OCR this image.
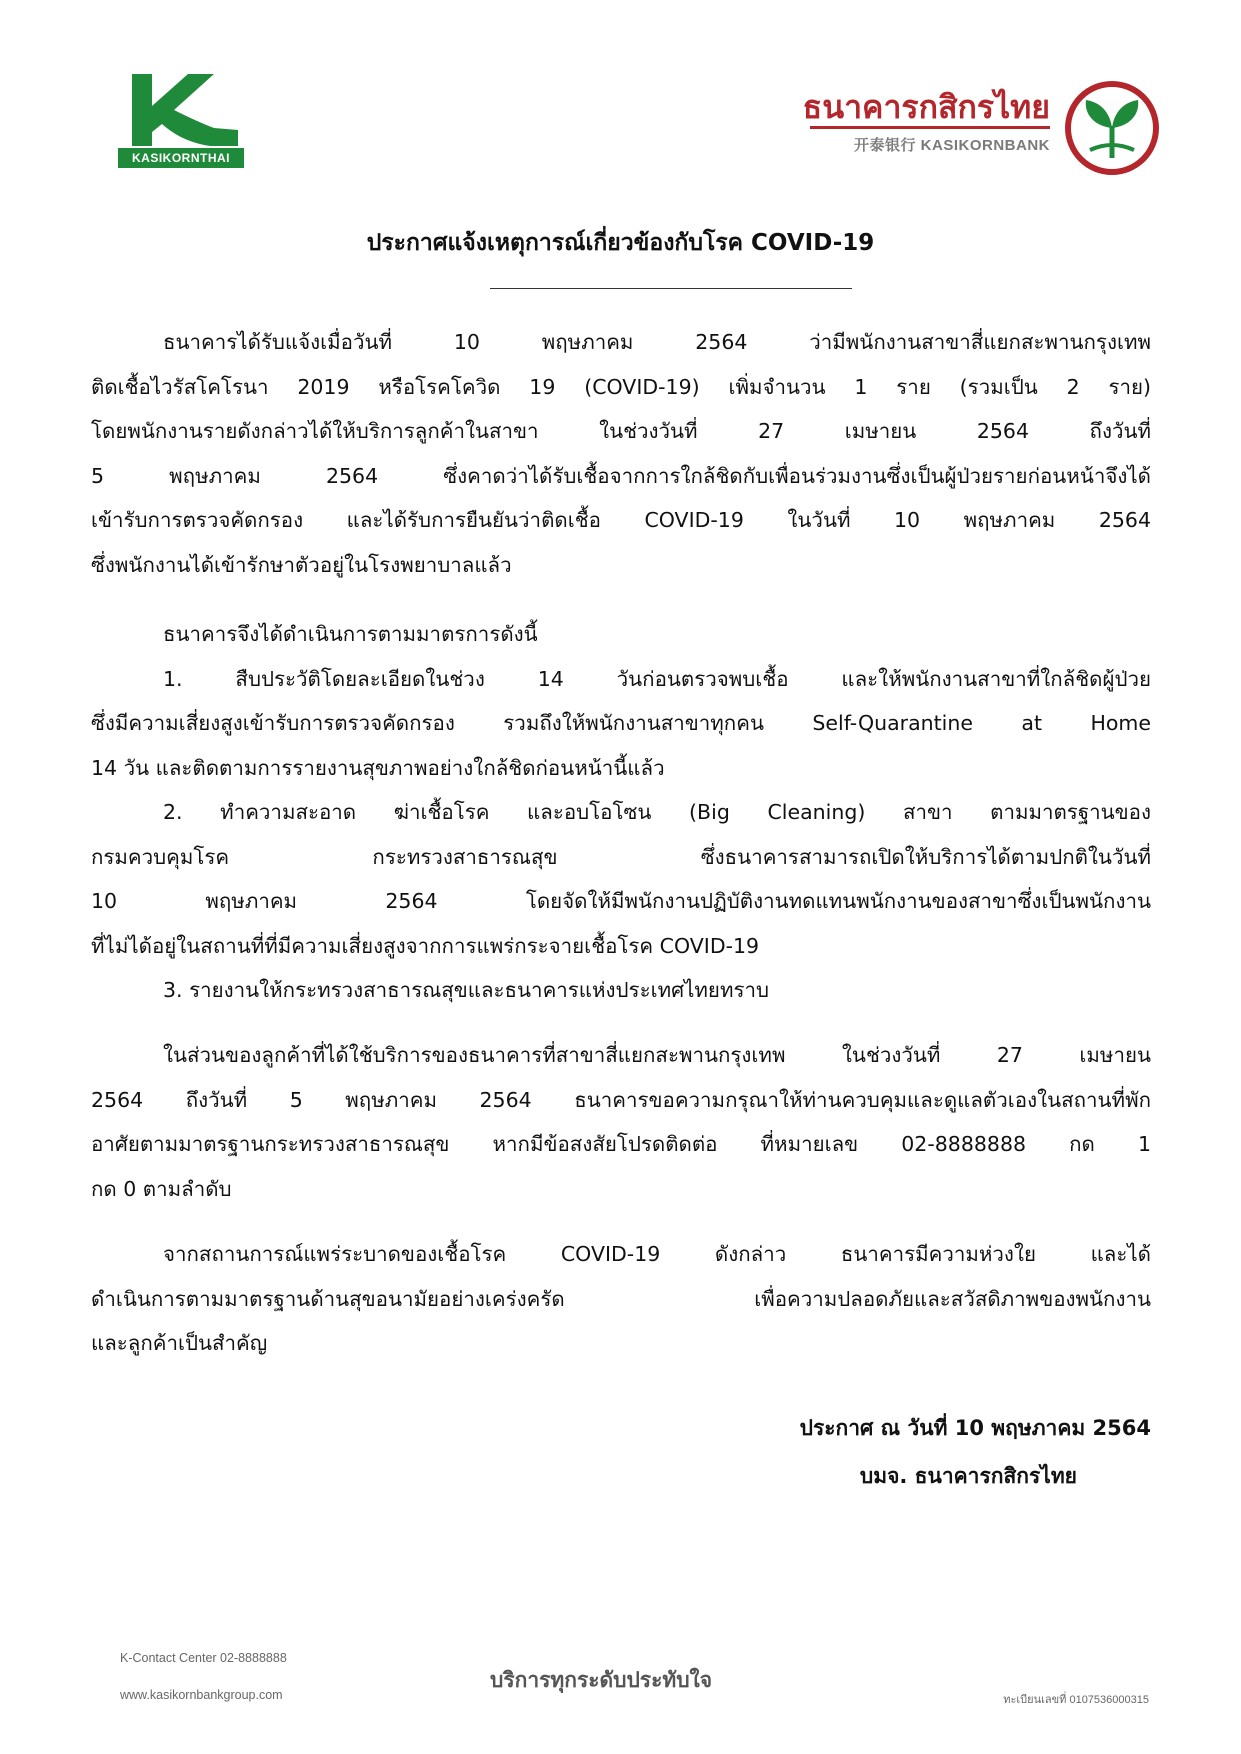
KASIKORNTHAI
ธนาคารกสิกรไทย
开泰银行 KASIKORNBANK
ประกาศแจ้งเหตุการณ์เกี่ยวข้องกับโรค COVID-19
ธนาคารได้รับแจ้งเมื่อวันที่ 10 พฤษภาคม 2564 ว่ามีพนักงานสาขาสี่แยกสะพานกรุงเทพ
ติดเชื้อไวรัสโคโรนา 2019 หรือโรคโควิด 19 (COVID-19) เพิ่มจำนวน 1 ราย (รวมเป็น 2 ราย)
โดยพนักงานรายดังกล่าวได้ให้บริการลูกค้าในสาขา ในช่วงวันที่ 27 เมษายน 2564 ถึงวันที่
5 พฤษภาคม 2564 ซึ่งคาดว่าได้รับเชื้อจากการใกล้ชิดกับเพื่อนร่วมงานซึ่งเป็นผู้ป่วยรายก่อนหน้าจึงได้
เข้ารับการตรวจคัดกรอง และได้รับการยืนยันว่าติดเชื้อ COVID-19 ในวันที่ 10 พฤษภาคม 2564
ซึ่งพนักงานได้เข้ารักษาตัวอยู่ในโรงพยาบาลแล้ว
ธนาคารจึงได้ดำเนินการตามมาตรการดังนี้
1. สืบประวัติโดยละเอียดในช่วง 14 วันก่อนตรวจพบเชื้อ และให้พนักงานสาขาที่ใกล้ชิดผู้ป่วย
ซึ่งมีความเสี่ยงสูงเข้ารับการตรวจคัดกรอง รวมถึงให้พนักงานสาขาทุกคน Self-Quarantine at Home
14 วัน และติดตามการรายงานสุขภาพอย่างใกล้ชิดก่อนหน้านี้แล้ว
2. ทำความสะอาด ฆ่าเชื้อโรค และอบโอโซน (Big Cleaning) สาขา ตามมาตรฐานของ
กรมควบคุมโรค กระทรวงสาธารณสุข ซึ่งธนาคารสามารถเปิดให้บริการได้ตามปกติในวันที่
10 พฤษภาคม 2564 โดยจัดให้มีพนักงานปฏิบัติงานทดแทนพนักงานของสาขาซึ่งเป็นพนักงาน
ที่ไม่ได้อยู่ในสถานที่ที่มีความเสี่ยงสูงจากการแพร่กระจายเชื้อโรค COVID-19
3. รายงานให้กระทรวงสาธารณสุขและธนาคารแห่งประเทศไทยทราบ
ในส่วนของลูกค้าที่ได้ใช้บริการของธนาคารที่สาขาสี่แยกสะพานกรุงเทพ ในช่วงวันที่ 27 เมษายน
2564 ถึงวันที่ 5 พฤษภาคม 2564 ธนาคารขอความกรุณาให้ท่านควบคุมและดูแลตัวเองในสถานที่พัก
อาศัยตามมาตรฐานกระทรวงสาธารณสุข หากมีข้อสงสัยโปรดติดต่อ ที่หมายเลข 02-8888888 กด 1
กด 0 ตามลำดับ
จากสถานการณ์แพร่ระบาดของเชื้อโรค COVID-19 ดังกล่าว ธนาคารมีความห่วงใย และได้
ดำเนินการตามมาตรฐานด้านสุขอนามัยอย่างเคร่งครัด เพื่อความปลอดภัยและสวัสดิภาพของพนักงาน
และลูกค้าเป็นสำคัญ
ประกาศ ณ วันที่ 10 พฤษภาคม 2564
บมจ. ธนาคารกสิกรไทย
K-Contact Center 02-8888888
www.kasikornbankgroup.com
บริการทุกระดับประทับใจ
ทะเบียนเลขที่ 0107536000315
